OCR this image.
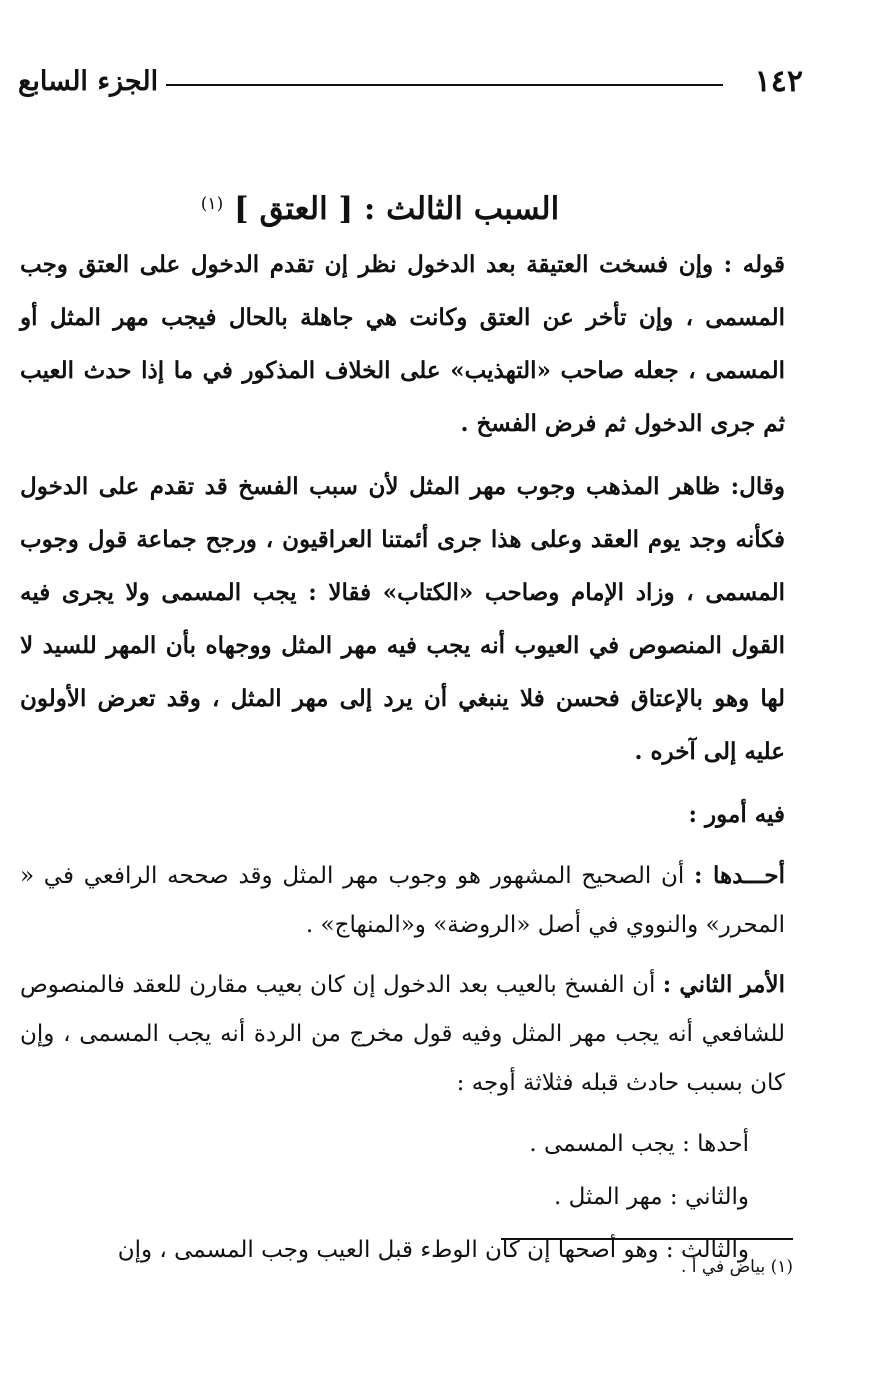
١٤٢
الجزء السابع
السبب الثالث : [ العتق ] $^{(١)}$

قوله : وإن فسخت العتيقة بعد الدخول نظر إن تقدم الدخول على العتق وجب المسمى ، وإن تأخر عن العتق وكانت هي جاهلة بالحال فيجب مهر المثل أو المسمى ، جعله صاحب «التهذيب» على الخلاف المذكور في ما إذا حدث العيب ثم جرى الدخول ثم فرض الفسخ .

وقال: ظاهر المذهب وجوب مهر المثل لأن سبب الفسخ قد تقدم على الدخول فكأنه وجد يوم العقد وعلى هذا جرى أئمتنا العراقيون ، ورجح جماعة قول وجوب المسمى ، وزاد الإمام وصاحب «الكتاب» فقالا : يجب المسمى ولا يجرى فيه القول المنصوص في العيوب أنه يجب فيه مهر المثل ووجهاه بأن المهر للسيد لا لها وهو بالإعتاق فحسن فلا ينبغي أن يرد إلى مهر المثل ، وقد تعرض الأولون عليه إلى آخره .

فيه أمور :

أحـــدها : أن الصحيح المشهور هو وجوب مهر المثل وقد صححه الرافعي في « المحرر» والنووي في أصل «الروضة» و«المنهاج» .

الأمر الثاني : أن الفسخ بالعيب بعد الدخول إن كان بعيب مقارن للعقد فالمنصوص للشافعي أنه يجب مهر المثل وفيه قول مخرج من الردة أنه يجب المسمى ، وإن كان بسبب حادث قبله فثلاثة أوجه :

أحدها : يجب المسمى .

والثاني : مهر المثل .

والثالث : وهو أصحها إن كان الوطء قبل العيب وجب المسمى ، وإن

(١) بياض في أ .
